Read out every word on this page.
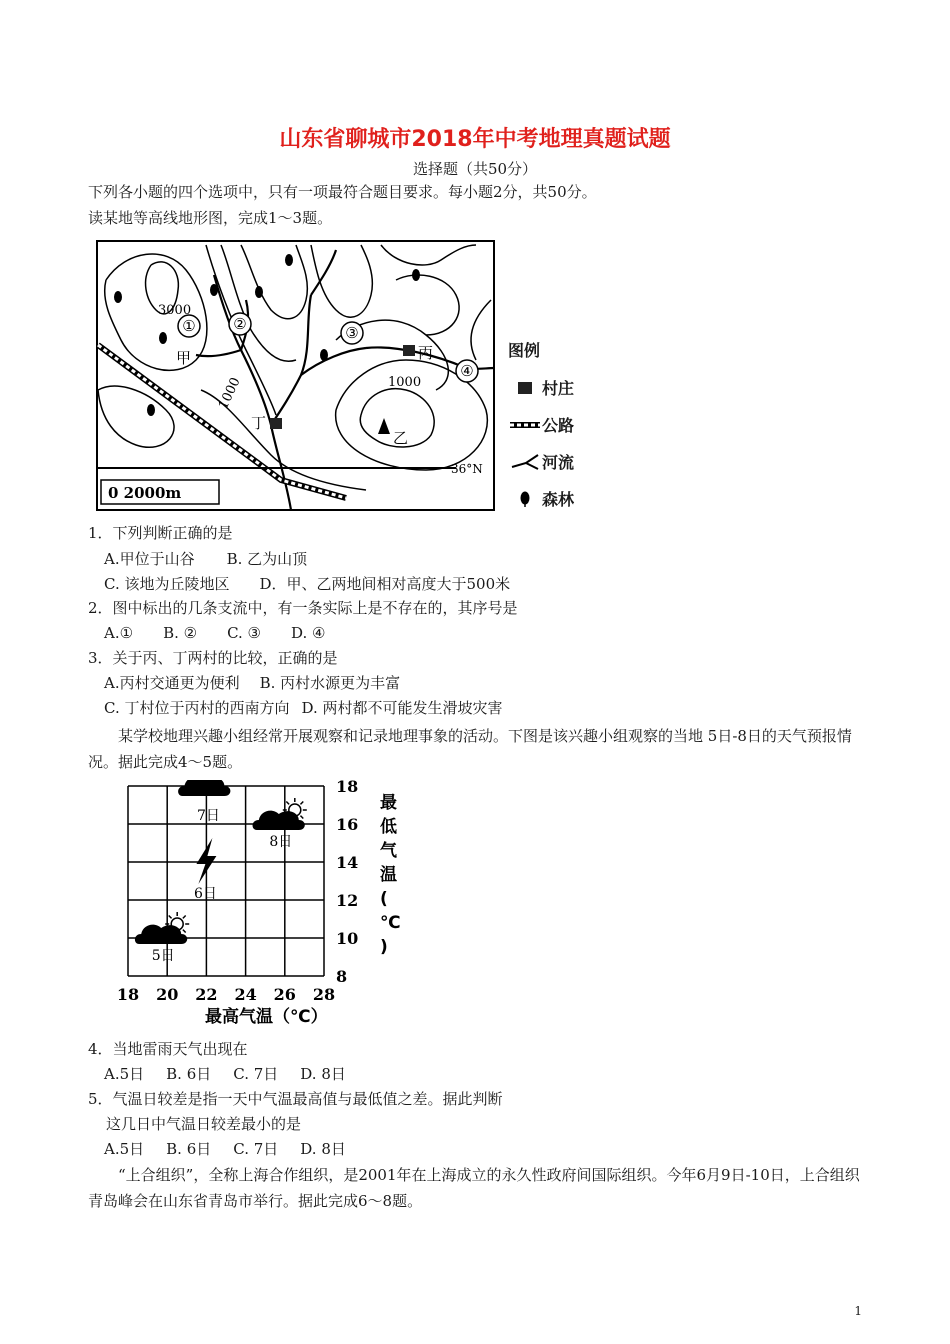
山东省聊城市2018年中考地理真题试题
选择题（共50分）
下列各小题的四个选项中，只有一项最符合题目要求。每小题2分，共50分。
读某地等高线地形图，完成1～3题。
①	②	③
④
甲	丙
丁
乙
3000
1000
1000
36°N
0 2000m
图例
村庄
公路
河流
森林
1．下列判断正确的是
A.甲位于山谷 B. 乙为山顶
C. 该地为丘陵地区 D．甲、乙两地间相对高度大于500米
2．图中标出的几条支流中，有一条实际上是不存在的，其序号是
A.① B. ② C. ③ D. ④
3．关于丙、丁两村的比较，正确的是
A.丙村交通更为便利 B. 丙村水源更为丰富
C. 丁村位于丙村的西南方向 D. 两村都不可能发生滑坡灾害
某学校地理兴趣小组经常开展观察和记录地理事象的活动。下图是该兴趣小组观察的当地 5日-8日的天气预报情况。据此完成4～5题。
18 20 22 24 26 28
8
10
12
14
16
18
5日
6日
7日
8日
最低气温( ℃ )
最高气温（℃）
4．当地雷雨天气出现在
A.5日 B. 6日 C. 7日 D. 8日
5．气温日较差是指一天中气温最高值与最低值之差。据此判断
这几日中气温日较差最小的是
A.5日 B. 6日 C. 7日 D. 8日
“上合组织”，全称上海合作组织，是2001年在上海成立的永久性政府间国际组织。今年6月9日-10日，上合组织青岛峰会在山东省青岛市举行。据此完成6～8题。
1
